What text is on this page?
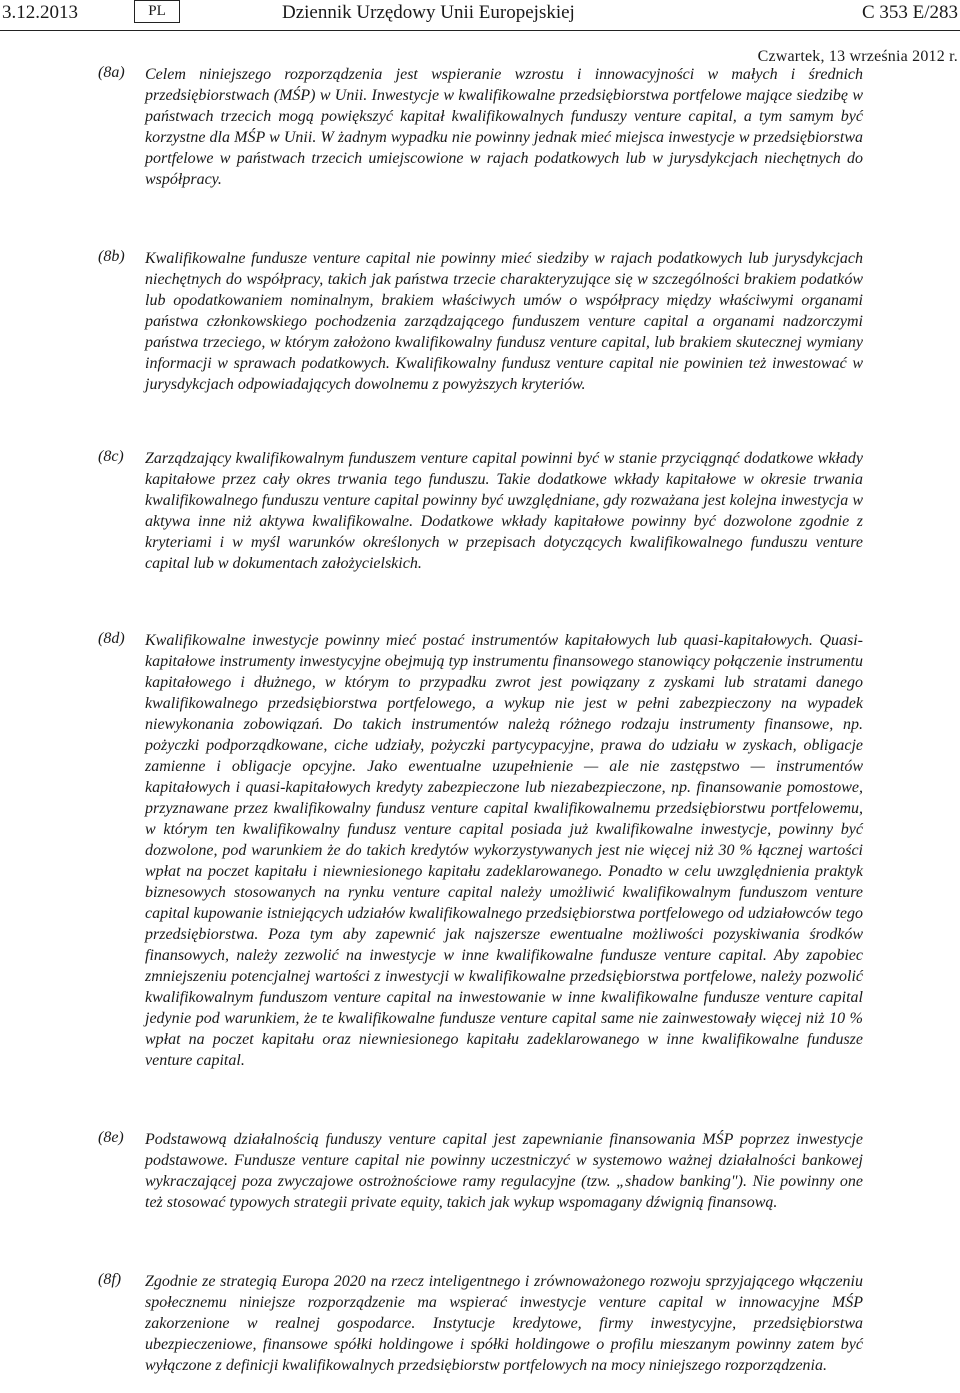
3.12.2013	PL	Dziennik Urzędowy Unii Europejskiej	C 353 E/283
Czwartek, 13 września 2012 r.
(8a) Celem niniejszego rozporządzenia jest wspieranie wzrostu i innowacyjności w małych i średnich przedsiębiorstwach (MŚP) w Unii. Inwestycje w kwalifikowalne przedsiębiorstwa portfelowe mające siedzibę w państwach trzecich mogą powiększyć kapitał kwalifikowalnych funduszy venture capital, a tym samym być korzystne dla MŚP w Unii. W żadnym wypadku nie powinny jednak mieć miejsca inwestycje w przedsiębiorstwa portfelowe w państwach trzecich umiejscowione w rajach podatkowych lub w jurysdykcjach niechętnych do współpracy.
(8b) Kwalifikowalne fundusze venture capital nie powinny mieć siedziby w rajach podatkowych lub jurysdykcjach niechętnych do współpracy, takich jak państwa trzecie charakteryzujące się w szczególności brakiem podatków lub opodatkowaniem nominalnym, brakiem właściwych umów o współpracy między właściwymi organami państwa członkowskiego pochodzenia zarządzającego funduszem venture capital a organami nadzorczymi państwa trzeciego, w którym założono kwalifikowalny fundusz venture capital, lub brakiem skutecznej wymiany informacji w sprawach podatkowych. Kwalifikowalny fundusz venture capital nie powinien też inwestować w jurysdykcjach odpowiadających dowolnemu z powyższych kryteriów.
(8c) Zarządzający kwalifikowalnym funduszem venture capital powinni być w stanie przyciągnąć dodatkowe wkłady kapitałowe przez cały okres trwania tego funduszu. Takie dodatkowe wkłady kapitałowe w okresie trwania kwalifikowalnego funduszu venture capital powinny być uwzględniane, gdy rozważana jest kolejna inwestycja w aktywa inne niż aktywa kwalifikowalne. Dodatkowe wkłady kapitałowe powinny być dozwolone zgodnie z kryteriami i w myśl warunków określonych w przepisach dotyczących kwalifikowalnego funduszu venture capital lub w dokumentach założycielskich.
(8d) Kwalifikowalne inwestycje powinny mieć postać instrumentów kapitałowych lub quasi-kapitałowych. Quasi-kapitałowe instrumenty inwestycyjne obejmują typ instrumentu finansowego stanowiący połączenie instrumentu kapitałowego i dłużnego, w którym to przypadku zwrot jest powiązany z zyskami lub stratami danego kwalifikowalnego przedsiębiorstwa portfelowego, a wykup nie jest w pełni zabezpieczony na wypadek niewykonania zobowiązań. Do takich instrumentów należą różnego rodzaju instrumenty finansowe, np. pożyczki podporządkowane, ciche udziały, pożyczki partycypacyjne, prawa do udziału w zyskach, obligacje zamienne i obligacje opcyjne. Jako ewentualne uzupełnienie — ale nie zastępstwo — instrumentów kapitałowych i quasi-kapitałowych kredyty zabezpieczone lub niezabezpieczone, np. finansowanie pomostowe, przyznawane przez kwalifikowalny fundusz venture capital kwalifikowalnemu przedsiębiorstwu portfelowemu, w którym ten kwalifikowalny fundusz venture capital posiada już kwalifikowalne inwestycje, powinny być dozwolone, pod warunkiem że do takich kredytów wykorzystywanych jest nie więcej niż 30 % łącznej wartości wpłat na poczet kapitału i niewniesionego kapitału zadeklarowanego. Ponadto w celu uwzględnienia praktyk biznesowych stosowanych na rynku venture capital należy umożliwić kwalifikowalnym funduszom venture capital kupowanie istniejących udziałów kwalifikowalnego przedsiębiorstwa portfelowego od udziałowców tego przedsiębiorstwa. Poza tym aby zapewnić jak najszersze ewentualne możliwości pozyskiwania środków finansowych, należy zezwolić na inwestycje w inne kwalifikowalne fundusze venture capital. Aby zapobiec zmniejszeniu potencjalnej wartości z inwestycji w kwalifikowalne przedsiębiorstwa portfelowe, należy pozwolić kwalifikowalnym funduszom venture capital na inwestowanie w inne kwalifikowalne fundusze venture capital jedynie pod warunkiem, że te kwalifikowalne fundusze venture capital same nie zainwestowały więcej niż 10 % wpłat na poczet kapitału oraz niewniesionego kapitału zadeklarowanego w inne kwalifikowalne fundusze venture capital.
(8e) Podstawową działalnością funduszy venture capital jest zapewnianie finansowania MŚP poprzez inwestycje podstawowe. Fundusze venture capital nie powinny uczestniczyć w systemowo ważnej działalności bankowej wykraczającej poza zwyczajowe ostrożnościowe ramy regulacyjne (tzw. „shadow banking"). Nie powinny one też stosować typowych strategii private equity, takich jak wykup wspomagany dźwignią finansową.
(8f) Zgodnie ze strategią Europa 2020 na rzecz inteligentnego i zrównoważonego rozwoju sprzyjającego włączeniu społecznemu niniejsze rozporządzenie ma wspierać inwestycje venture capital w innowacyjne MŚP zakorzenione w realnej gospodarce. Instytucje kredytowe, firmy inwestycyjne, przedsiębiorstwa ubezpieczeniowe, finansowe spółki holdingowe i spółki holdingowe o profilu mieszanym powinny zatem być wyłączone z definicji kwalifikowalnych przedsiębiorstw portfelowych na mocy niniejszego rozporządzenia.
